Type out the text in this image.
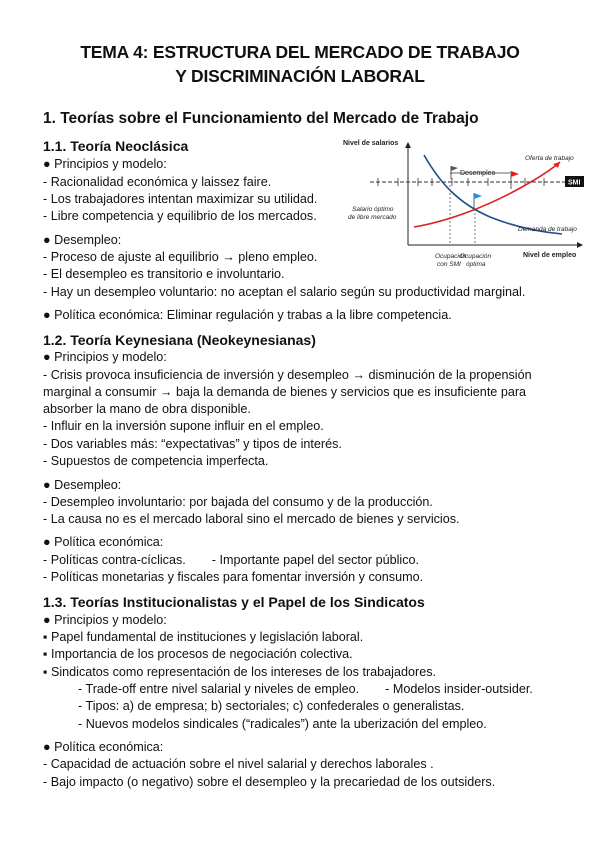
TEMA 4: ESTRUCTURA DEL MERCADO DE TRABAJO
Y DISCRIMINACIÓN LABORAL
1. Teorías sobre el Funcionamiento del Mercado de Trabajo
1.1. Teoría Neoclásica
● Principios y modelo:
- Racionalidad económica y laissez faire.
- Los trabajadores intentan maximizar su utilidad.
- Libre competencia y equilibrio de los mercados.
● Desempleo:
- Proceso de ajuste al equilibrio → pleno empleo.
- El desempleo es transitorio e involuntario.
- Hay un desempleo voluntario: no aceptan el salario según su productividad marginal.
● Política económica: Eliminar regulación y trabas a la libre competencia.
Nivel de salarios
Nivel de empleo
SMI
Desempleo
Oferta de trabajo
Demanda de trabajo
Salario óptimo
de libre mercado
Ocupación
con SMI
Ocupación
óptima
1.2. Teoría Keynesiana (Neokeynesianas)
● Principios y modelo:
- Crisis provoca insuficiencia de inversión y desempleo → disminución de la propensión
marginal a consumir → baja la demanda de bienes y servicios que es insuficiente para
absorber la mano de obra disponible.
- Influir en la inversión supone influir en el empleo.
- Dos variables más: “expectativas” y tipos de interés.
- Supuestos de competencia imperfecta.
● Desempleo:
- Desempleo involuntario: por bajada del consumo y de la producción.
- La causa no es el mercado laboral sino el mercado de bienes y servicios.
● Política económica:
- Políticas contra-cíclicas. - Importante papel del sector público.
- Políticas monetarias y fiscales para fomentar inversión y consumo.
1.3. Teorías Institucionalistas y el Papel de los Sindicatos
● Principios y modelo:
▪ Papel fundamental de instituciones y legislación laboral.
▪ Importancia de los procesos de negociación colectiva.
▪ Sindicatos como representación de los intereses de los trabajadores.
- Trade-off entre nivel salarial y niveles de empleo. - Modelos insider-outsider.
- Tipos: a) de empresa; b) sectoriales; c) confederales o generalistas.
- Nuevos modelos sindicales (“radicales”) ante la uberización del empleo.
● Política económica:
- Capacidad de actuación sobre el nivel salarial y derechos laborales .
- Bajo impacto (o negativo) sobre el desempleo y la precariedad de los outsiders.
